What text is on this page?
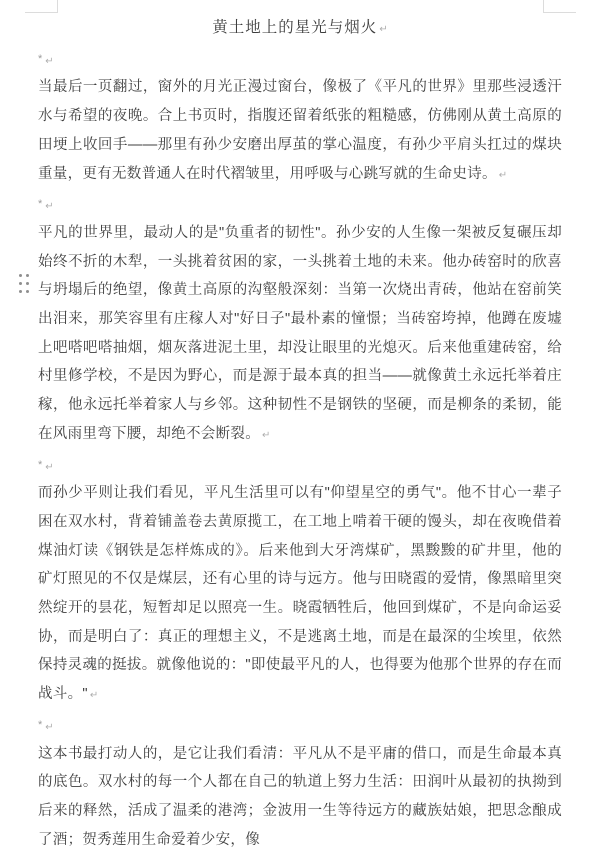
黄土地上的星光与烟火 ↵
* ↵

当最后一页翻过，窗外的月光正漫过窗台，像极了《平凡的世界》里那些浸透汗水与希望的夜晚。合上书页时，指腹还留着纸张的粗糙感，仿佛刚从黄土高原的田埂上收回手——那里有孙少安磨出厚茧的掌心温度，有孙少平肩头扛过的煤块重量，更有无数普通人在时代褶皱里，用呼吸与心跳写就的生命史诗。 ↵

* ↵

平凡的世界里，最动人的是"负重者的韧性"。孙少安的人生像一架被反复碾压却始终不折的木犁，一头挑着贫困的家，一头挑着土地的未来。他办砖窑时的欣喜与坍塌后的绝望，像黄土高原的沟壑般深刻：当第一次烧出青砖，他站在窑前笑出泪来，那笑容里有庄稼人对"好日子"最朴素的憧憬；当砖窑垮掉，他蹲在废墟上吧嗒吧嗒抽烟，烟灰落进泥土里，却没让眼里的光熄灭。后来他重建砖窑，给村里修学校，不是因为野心，而是源于最本真的担当——就像黄土永远托举着庄稼，他永远托举着家人与乡邻。这种韧性不是钢铁的坚硬，而是柳条的柔韧，能在风雨里弯下腰，却绝不会断裂。 ↵

* ↵

而孙少平则让我们看见，平凡生活里可以有"仰望星空的勇气"。他不甘心一辈子困在双水村，背着铺盖卷去黄原揽工，在工地上啃着干硬的馒头，却在夜晚借着煤油灯读《钢铁是怎样炼成的》。后来他到大牙湾煤矿，黑黢黢的矿井里，他的矿灯照见的不仅是煤层，还有心里的诗与远方。他与田晓霞的爱情，像黑暗里突然绽开的昙花，短暂却足以照亮一生。晓霞牺牲后，他回到煤矿，不是向命运妥协，而是明白了：真正的理想主义，不是逃离土地，而是在最深的尘埃里，依然保持灵魂的挺拔。就像他说的："即使最平凡的人，也得要为他那个世界的存在而战斗。" ↵

* ↵

这本书最打动人的，是它让我们看清：平凡从不是平庸的借口，而是生命最本真的底色。双水村的每一个人都在自己的轨道上努力生活：田润叶从最初的执拗到后来的释然，活成了温柔的港湾；金波用一生等待远方的藏族姑娘，把思念酿成了酒；贺秀莲用生命爱着少安，像
